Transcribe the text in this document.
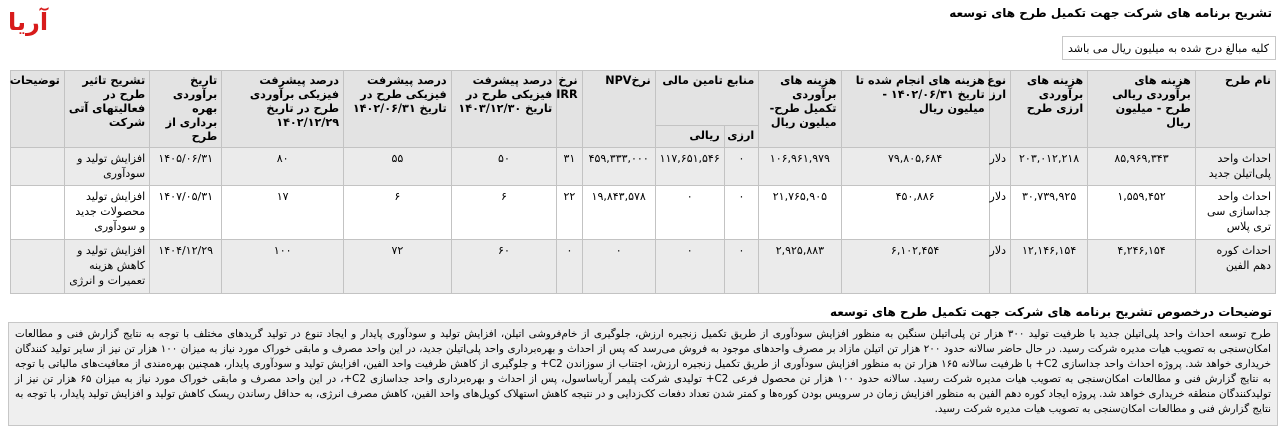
آریا	تشریح برنامه های شرکت جهت تکمیل طرح های توسعه
کلیه مبالغ درج شده به میلیون ریال می باشد
نام طرح	هزینه های برآوردی ریالی طرح - میلیون ریال	هزینه های برآوردی ارزی طرح	نوع ارز	هزینه های انجام شده تا تاریخ ۱۴۰۲/۰۶/۳۱ - میلیون ریال	هزینه های برآوردی تکمیل طرح- میلیون ریال	منابع تامین مالی		نرخNPV	نرخ IRR	درصد پیشرفت فیزیکی طرح در تاریخ ۱۴۰۳/۱۲/۳۰	درصد پیشرفت فیزیکی طرح در تاریخ ۱۴۰۲/۰۶/۳۱	درصد پیشرفت فیزیکی برآوردی طرح در تاریخ ۱۴۰۲/۱۲/۲۹	تاریخ برآوردی بهره برداری از طرح	تشریح تاثیر طرح در فعالیتهای آتی شرکت	توضیحات
						ارزی	ریالی								
احداث واحد پلی‌اتیلن جدید	۸۵,۹۶۹,۳۴۳	۲۰۳,۰۱۲,۲۱۸	دلار	۷۹,۸۰۵,۶۸۴	۱۰۶,۹۶۱,۹۷۹	۰	۱۱۷,۶۵۱,۵۴۶	۴۵۹,۳۳۳,۰۰۰	۳۱	۵۰	۵۵	۸۰	۱۴۰۵/۰۶/۳۱	افزایش تولید و سودآوری	
احداث واحد جداسازی سی تری پلاس	۱,۵۵۹,۴۵۲	۳۰,۷۳۹,۹۲۵	دلار	۴۵۰,۸۸۶	۲۱,۷۶۵,۹۰۵	۰	۰	۱۹,۸۴۳,۵۷۸	۲۲	۶	۶	۱۷	۱۴۰۷/۰۵/۳۱	افزایش تولید محصولات جدید و سودآوری	
احداث کوره دهم الفین	۴,۲۴۶,۱۵۴	۱۲,۱۴۶,۱۵۴	دلار	۶,۱۰۲,۴۵۴	۲,۹۲۵,۸۸۳	۰	۰	۰	۰	۶۰	۷۲	۱۰۰	۱۴۰۴/۱۲/۲۹	افزایش تولید و کاهش هزینه تعمیرات و انرژی	
توضیحات درخصوص تشریح برنامه های شرکت جهت تکمیل طرح های توسعه
طرح توسعه احداث واحد پلی‌اتیلن جدید با ظرفیت تولید ۳۰۰ هزار تن پلی‌اتیلن سنگین به منظور افزایش سودآوری از طریق تکمیل زنجیره ارزش، جلوگیری از خام‌فروشی اتیلن، افزایش تولید و سودآوری پایدار و ایجاد تنوع در تولید گریدهای مختلف با توجه به نتایج گزارش فنی و مطالعات امکان‌سنجی به تصویب هیات مدیره شرکت رسید. در حال حاضر سالانه حدود ۲۰۰ هزار تن اتیلن مازاد بر مصرف واحدهای موجود به فروش می‌رسد که پس از احداث و بهره‌برداری واحد پلی‌اتیلن جدید، در این واحد مصرف و مابقی خوراک مورد نیاز به میزان ۱۰۰ هزار تن نیز از سایر تولید کنندگان خریداری خواهد شد. پروژه احداث واحد جداسازی C2+ با ظرفیت سالانه ۱۶۵ هزار تن به منظور افزایش سودآوری از طریق تکمیل زنجیره ارزش، اجتناب از سوزاندن C2+ و جلوگیری از کاهش ظرفیت واحد الفین، افزایش تولید و سودآوری پایدار، همچنین بهره‌مندی از معافیت‌های مالیاتی با توجه به نتایج گزارش فنی و مطالعات امکان‌سنجی به تصویب هیات مدیره شرکت رسید. سالانه حدود ۱۰۰ هزار تن محصول فرعی C2+ تولیدی شرکت پلیمر آریاساسول، پس از احداث و بهره‌برداری واحد جداسازی C2+، در این واحد مصرف و مابقی خوراک مورد نیاز به میزان ۶۵ هزار تن نیز از تولیدکنندگان منطقه خریداری خواهد شد. پروژه ایجاد کوره دهم الفین به منظور افزایش زمان در سرویس بودن کوره‌ها و کمتر شدن تعداد دفعات کک‌زدایی و در نتیجه کاهش استهلاک کویل‌های واحد الفین، کاهش مصرف انرژی، به حداقل رساندن ریسک کاهش تولید و افزایش تولید پایدار، با توجه به نتایج گزارش فنی و مطالعات امکان‌سنجی به تصویب هیات مدیره شرکت رسید.
